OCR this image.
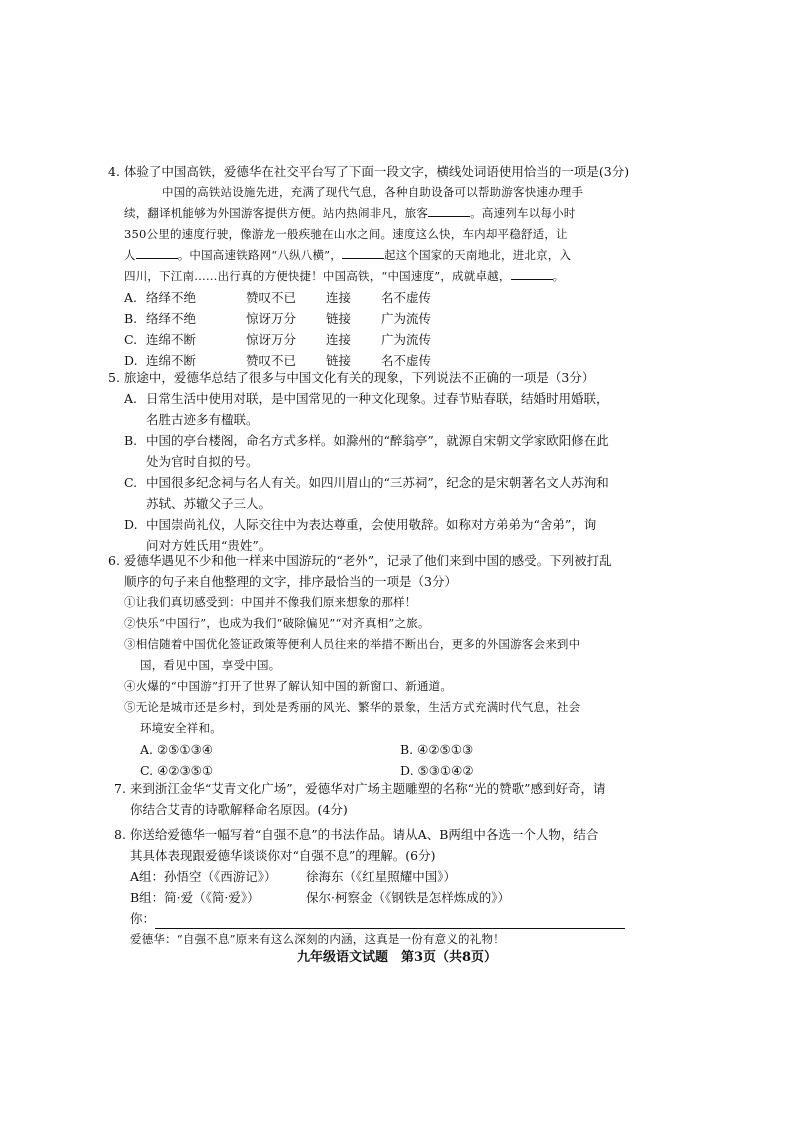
4. 体验了中国高铁，爱德华在社交平台写了下面一段文字，横线处词语使用恰当的一项是(3分)
中国的高铁站设施先进，充满了现代气息，各种自助设备可以帮助游客快速办理手
续，翻译机能够为外国游客提供方便。站内热闹非凡，旅客	。高速列车以每小时
350公里的速度行驶，像游龙一般疾驰在山水之间。速度这么快，车内却平稳舒适，让
人	。中国高速铁路网“八纵八横”，	起这个国家的天南地北，进北京，入
四川，下江南……出行真的方便快捷！中国高铁，“中国速度”，成就卓越，	。
A. 络绎不绝	赞叹不已	连接	名不虚传
B. 络绎不绝	惊讶万分	链接	广为流传
C. 连绵不断	惊讶万分	连接	广为流传
D. 连绵不断	赞叹不已	链接	名不虚传
5. 旅途中，爱德华总结了很多与中国文化有关的现象，下列说法不正确的一项是（3分）
A. 日常生活中使用对联，是中国常见的一种文化现象。过春节贴春联，结婚时用婚联，
名胜古迹多有楹联。
B. 中国的亭台楼阁，命名方式多样。如滁州的“醉翁亭”，就源自宋朝文学家欧阳修在此
处为官时自拟的号。
C. 中国很多纪念祠与名人有关。如四川眉山的“三苏祠”，纪念的是宋朝著名文人苏洵和
苏轼、苏辙父子三人。
D. 中国崇尚礼仪，人际交往中为表达尊重，会使用敬辞。如称对方弟弟为“舍弟”，询
问对方姓氏用“贵姓”。
6. 爱德华遇见不少和他一样来中国游玩的“老外”，记录了他们来到中国的感受。下列被打乱
顺序的句子来自他整理的文字，排序最恰当的一项是（3分）
①让我们真切感受到：中国并不像我们原来想象的那样！
②快乐“中国行”，也成为我们“破除偏见”“对齐真相”之旅。
③相信随着中国优化签证政策等便利人员往来的举措不断出台，更多的外国游客会来到中
国，看见中国，享受中国。
④火爆的“中国游”打开了世界了解认知中国的新窗口、新通道。
⑤无论是城市还是乡村，到处是秀丽的风光、繁华的景象，生活方式充满时代气息，社会
环境安全祥和。
A. ②⑤①③④	B. ④②⑤①③
C. ④②③⑤①	D. ⑤③①④②
7. 来到浙江金华“艾青文化广场”，爱德华对广场主题雕塑的名称“光的赞歌”感到好奇，请
你结合艾青的诗歌解释命名原因。(4分)
8. 你送给爱德华一幅写着“自强不息”的书法作品。请从A、B两组中各选一个人物，结合
其具体表现跟爱德华谈谈你对“自强不息”的理解。(6分)
A组：孙悟空（《西游记》）	徐海东（《红星照耀中国》）
B组：简·爱（《简·爱》）	保尔·柯察金（《钢铁是怎样炼成的》）
你：
爱德华：“自强不息”原来有这么深刻的内涵，这真是一份有意义的礼物！
九年级语文试题　第3页（共8页）
